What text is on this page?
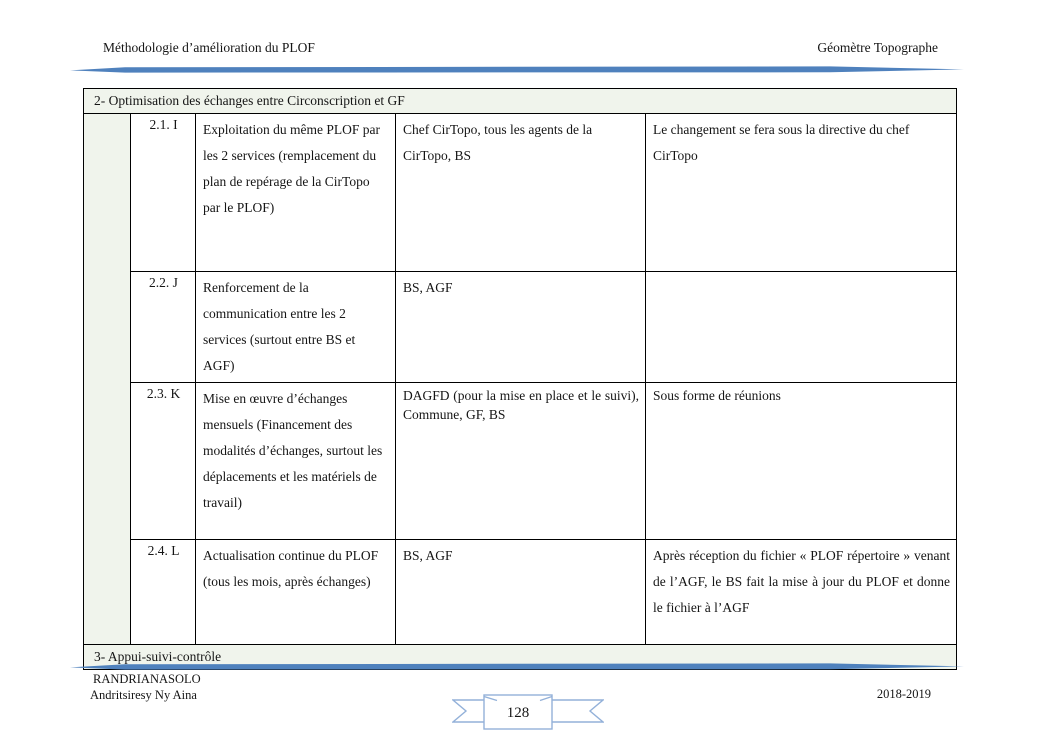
Méthodologie d’amélioration du PLOF	Géomètre Topographe
2- Optimisation des échanges entre Circonscription et GF				
	2.1. I	Exploitation du même PLOF par les 2 services (remplacement du plan de repérage de la CirTopo par le PLOF)	Chef CirTopo, tous les agents de la CirTopo, BS	Le changement se fera sous la directive du chef CirTopo
	2.2. J	Renforcement de la communication entre les 2 services (surtout entre BS et AGF)	BS, AGF	
	2.3. K	Mise en œuvre d’échanges mensuels (Financement des modalités d’échanges, surtout les déplacements et les matériels de travail)	DAGFD (pour la mise en place et le suivi), Commune, GF, BS	Sous forme de réunions
	2.4. L	Actualisation continue du PLOF (tous les mois, après échanges)	BS, AGF	Après réception du fichier « PLOF répertoire » venant de l’AGF, le BS fait la mise à jour du PLOF et donne le fichier à l’AGF
3- Appui-suivi-contrôle				
RANDRIANASOLO
Andritsiresy Ny Aina	2018-2019
128
